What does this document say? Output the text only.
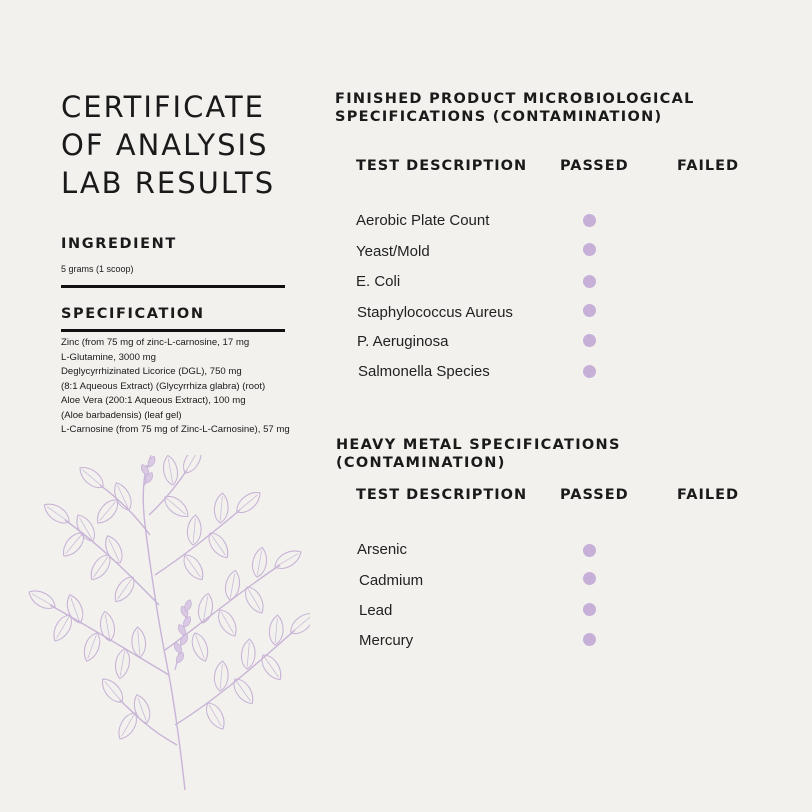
CERTIFICATE
OF ANALYSIS
LAB RESULTS
INGREDIENT
5 grams (1 scoop)
SPECIFICATION
Zinc (from 75 mg of zinc-L-carnosine, 17 mg
L-Glutamine, 3000 mg
Deglycyrrhizinated Licorice (DGL), 750 mg
(8:1 Aqueous Extract) (Glycyrrhiza glabra) (root)
Aloe Vera (200:1 Aqueous Extract), 100 mg
(Aloe barbadensis) (leaf gel)
L-Carnosine (from 75 mg of Zinc-L-Carnosine), 57 mg
FINISHED PRODUCT MICROBIOLOGICAL
SPECIFICATIONS (CONTAMINATION)
TEST DESCRIPTION PASSED	FAILED
Aerobic Plate Count
Yeast/Mold
E. Coli
Staphylococcus Aureus
P. Aeruginosa
Salmonella Species
HEAVY METAL SPECIFICATIONS (CONTAMINATION)
TEST DESCRIPTION PASSED	FAILED
Arsenic
Cadmium
Lead
Mercury
